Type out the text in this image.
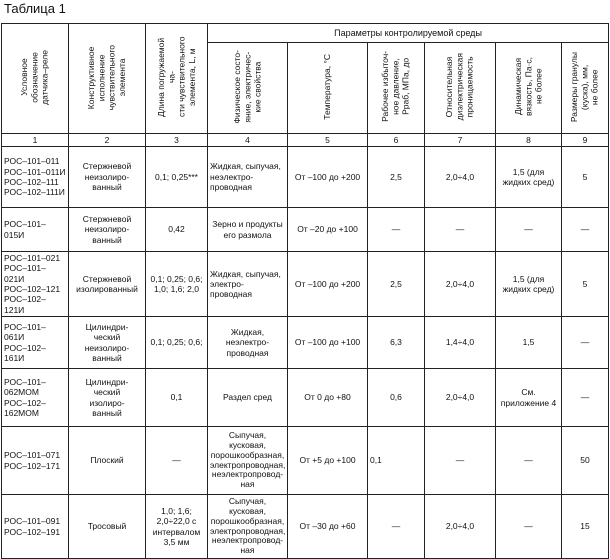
Таблица 1
Условное
обозначение
датчика–реле	Конструктивное
исполнение
чувствительного
элемента	Длина погружаемой ча-
сти чувствительного
элемента, L, м	Параметры контролируемой среды					
			Физическое состо-
яние, электричес-
кие свойства	Температура, °С	Рабочее избыточ-
ное давление,
Pраб, МПа, до	Относительная
диэлектрическая
проницаемость	Динамическая
вязкость, Па·с,
не более	Размеры гранулы
(куска), мм,
не более
1	2	3	4	5	6	7	8	9
РОС–101–011
РОС–101–011И
РОС–102–111
РОС–102–111И	Стержневой
неизолиро-
ванный	0,1; 0,25***	Жидкая, сыпучая,
неэлектро-
проводная	От –100 до +200	2,5	2,0÷4,0	1,5 (для
жидких сред)	5
РОС–101–015И	Стержневой
неизолиро-
ванный	0,42	Зерно и продукты
его размола	От –20 до +100	—	—	—	—
РОС–101–021
РОС–101–021И
РОС–102–121
РОС–102–121И	Стержневой
изолированный	0,1; 0,25; 0,6;
1,0; 1,6; 2,0	Жидкая, сыпучая,
электро-
проводная	От –100 до +200	2,5	2,0÷4,0	1,5 (для
жидких сред)	5
РОС–101–061И
РОС–102–161И	Цилиндри-
ческий
неизолиро-
ванный	0,1; 0,25; 0,6;	Жидкая,
неэлектро-
проводная	От –100 до +100	6,3	1,4÷4,0	1,5	—
РОС–101–
062МОМ
РОС–102–
162МОМ	Цилиндри-
ческий
изолиро-
ванный	0,1	Раздел сред	От 0 до +80	0,6	2,0÷4,0	См.
приложение 4	—
РОС–101–071
РОС–102–171	Плоский	—	Сыпучая, кусковая,
порошкообразная,
электропроводная,
неэлектропровод-
ная	От +5 до +100	0,1	—	—	50
РОС–101–091
РОС–102–191	Тросовый	1,0; 1,6;
2,0÷22,0 с
интервалом
3,5 мм	Сыпучая, кусковая,
порошкообразная,
электропроводная,
неэлектропровод-
ная	От –30 до +60	—	2,0÷4,0	—	15
